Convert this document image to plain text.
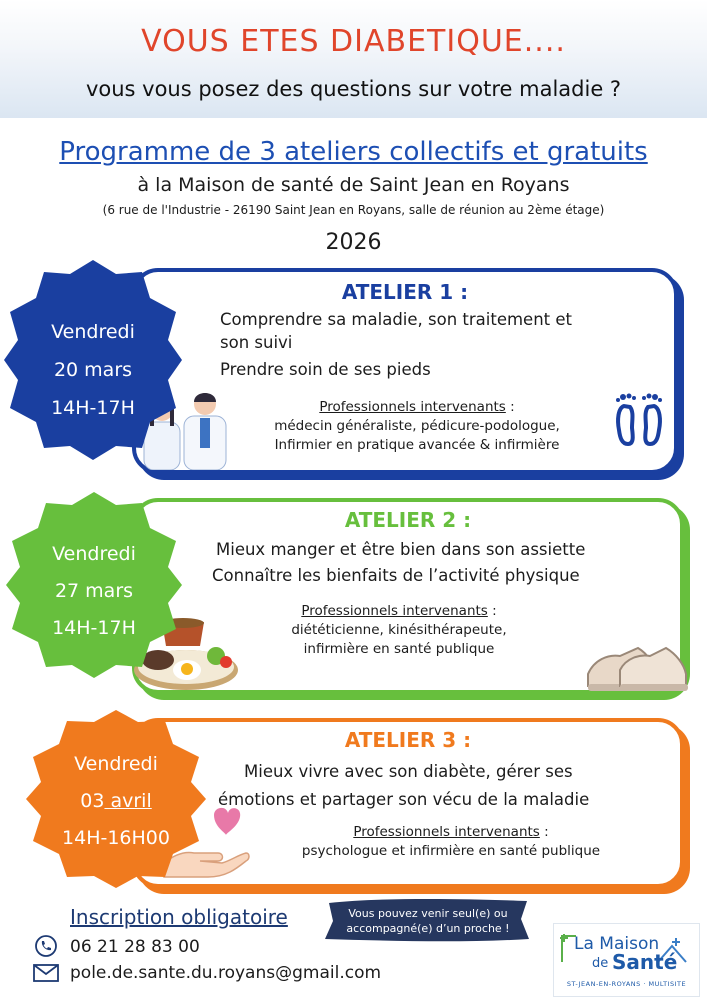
VOUS ETES DIABETIQUE....
vous vous posez des questions sur votre maladie ?
Programme de 3 ateliers collectifs et gratuits
à la Maison de santé de Saint Jean en Royans
(6 rue de l'Industrie - 26190 Saint Jean en Royans, salle de réunion au 2ème étage)
2026
ATELIER 1 :
Comprendre sa maladie, son traitement et
son suivi
Prendre soin de ses pieds
Professionnels intervenants :
médecin généraliste, pédicure-podologue,
Infirmier en pratique avancée & infirmière
Vendredi
20 mars
14H-17H
ATELIER 2 :
Mieux manger et être bien dans son assiette
Connaître les bienfaits de l’activité physique
Professionnels intervenants :
diététicienne, kinésithérapeute,
infirmière en santé publique
Vendredi
27 mars
14H-17H
ATELIER 3 :
Mieux vivre avec son diabète, gérer ses
émotions et partager son vécu de la maladie
Professionnels intervenants :
psychologue et infirmière en santé publique
Vendredi
03 avril
14H-16H00
Inscription obligatoire
06 21 28 83 00
pole.de.sante.du.royans@gmail.com
Vous pouvez venir seul(e) ou
accompagné(e) d’un proche !
La Maison
de Santé
ST-JEAN-EN-ROYANS · MULTISITE
